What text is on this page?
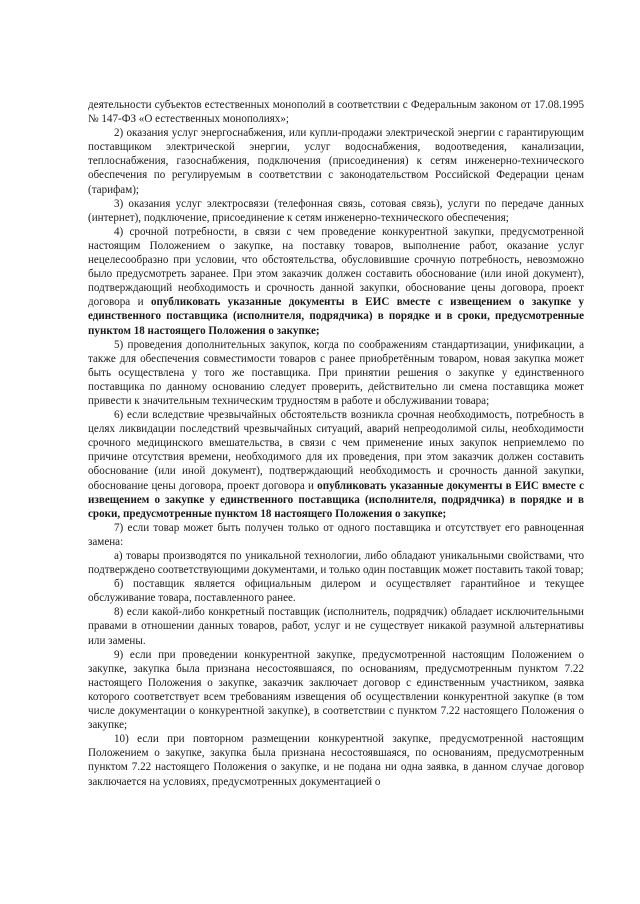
деятельности субъектов естественных монополий в соответствии с Федеральным законом от 17.08.1995 № 147-ФЗ «О естественных монополиях»;

2) оказания услуг энергоснабжения, или купли-продажи электрической энергии с гарантирующим поставщиком электрической энергии, услуг водоснабжения, водоотведения, канализации, теплоснабжения, газоснабжения, подключения (присоединения) к сетям инженерно-технического обеспечения по регулируемым в соответствии с законодательством Российской Федерации ценам (тарифам);

3) оказания услуг электросвязи (телефонная связь, сотовая связь), услуги по передаче данных (интернет), подключение, присоединение к сетям инженерно-технического обеспечения;

4) срочной потребности, в связи с чем проведение конкурентной закупки, предусмотренной настоящим Положением о закупке, на поставку товаров, выполнение работ, оказание услуг нецелесообразно при условии, что обстоятельства, обусловившие срочную потребность, невозможно было предусмотреть заранее. При этом заказчик должен составить обоснование (или иной документ), подтверждающий необходимость и срочность данной закупки, обоснование цены договора, проект договора и опубликовать указанные документы в ЕИС вместе с извещением о закупке у единственного поставщика (исполнителя, подрядчика) в порядке и в сроки, предусмотренные пунктом 18 настоящего Положения о закупке;

5) проведения дополнительных закупок, когда по соображениям стандартизации, унификации, а также для обеспечения совместимости товаров с ранее приобретённым товаром, новая закупка может быть осуществлена у того же поставщика. При принятии решения о закупке у единственного поставщика по данному основанию следует проверить, действительно ли смена поставщика может привести к значительным техническим трудностям в работе и обслуживании товара;

6) если вследствие чрезвычайных обстоятельств возникла срочная необходимость, потребность в целях ликвидации последствий чрезвычайных ситуаций, аварий непреодолимой силы, необходимости срочного медицинского вмешательства, в связи с чем применение иных закупок неприемлемо по причине отсутствия времени, необходимого для их проведения, при этом заказчик должен составить обоснование (или иной документ), подтверждающий необходимость и срочность данной закупки, обоснование цены договора, проект договора и опубликовать указанные документы в ЕИС вместе с извещением о закупке у единственного поставщика (исполнителя, подрядчика) в порядке и в сроки, предусмотренные пунктом 18 настоящего Положения о закупке;

7) если товар может быть получен только от одного поставщика и отсутствует его равноценная замена:

а) товары производятся по уникальной технологии, либо обладают уникальными свойствами, что подтверждено соответствующими документами, и только один поставщик может поставить такой товар;

б) поставщик является официальным дилером и осуществляет гарантийное и текущее обслуживание товара, поставленного ранее.

8) если какой-либо конкретный поставщик (исполнитель, подрядчик) обладает исключительными правами в отношении данных товаров, работ, услуг и не существует никакой разумной альтернативы или замены.

9) если при проведении конкурентной закупке, предусмотренной настоящим Положением о закупке, закупка была признана несостоявшаяся, по основаниям, предусмотренным пунктом 7.22 настоящего Положения о закупке, заказчик заключает договор с единственным участником, заявка которого соответствует всем требованиям извещения об осуществлении конкурентной закупке (в том числе документации о конкурентной закупке), в соответствии с пунктом 7.22 настоящего Положения о закупке;

10) если при повторном размещении конкурентной закупке, предусмотренной настоящим Положением о закупке, закупка была признана несостоявшаяся, по основаниям, предусмотренным пунктом 7.22 настоящего Положения о закупке, и не подана ни одна заявка, в данном случае договор заключается на условиях, предусмотренных документацией о
